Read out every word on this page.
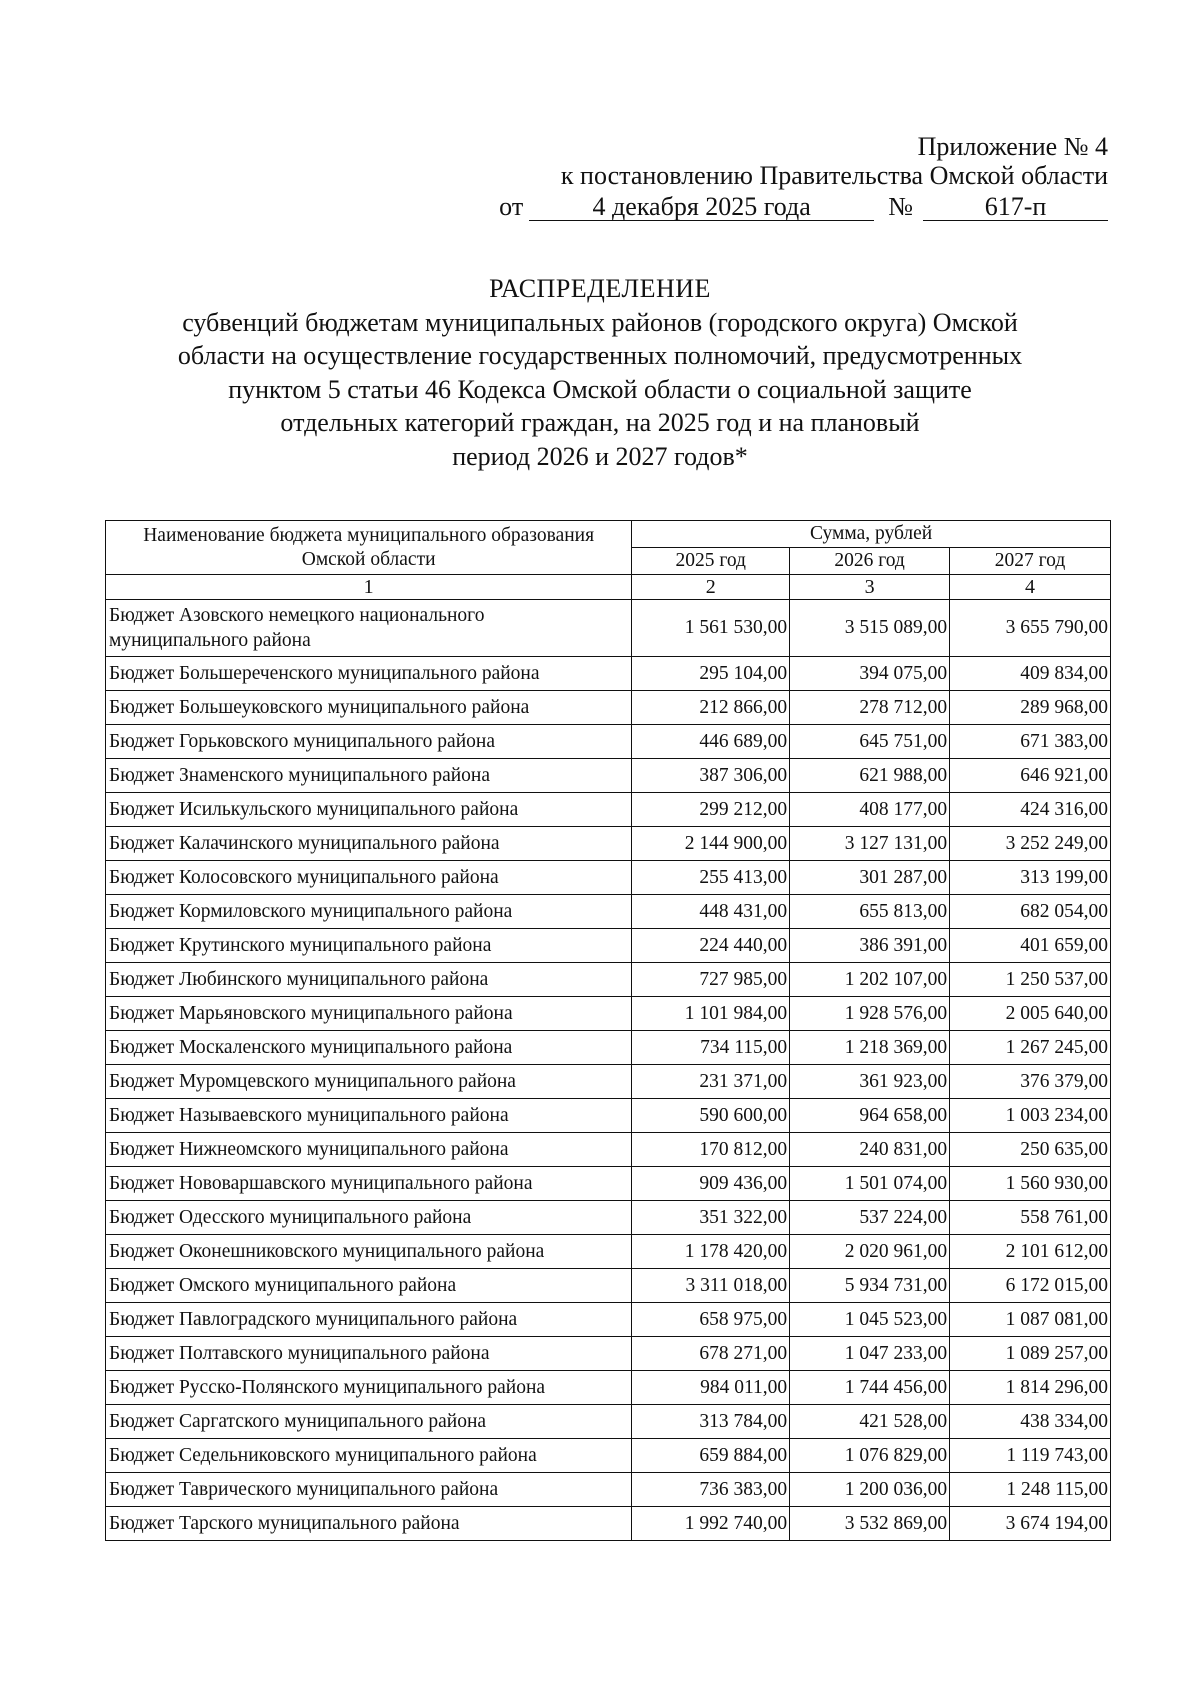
Приложение № 4
к постановлению Правительства Омской области
от	4 декабря 2025 года	№	617-п
РАСПРЕДЕЛЕНИЕ
субвенций бюджетам муниципальных районов (городского округа) Омской
области на осуществление государственных полномочий, предусмотренных
пунктом 5 статьи 46 Кодекса Омской области о социальной защите
отдельных категорий граждан, на 2025 год и на плановый
период 2026 и 2027 годов*
Наименование бюджета муниципального образования Омской области	Сумма, рублей		
	2025 год	2026 год	2027 год
1	2	3	4
Бюджет Азовского немецкого национального муниципального района	1 561 530,00	3 515 089,00	3 655 790,00
Бюджет Большереченского муниципального района	295 104,00	394 075,00	409 834,00
Бюджет Большеуковского муниципального района	212 866,00	278 712,00	289 968,00
Бюджет Горьковского муниципального района	446 689,00	645 751,00	671 383,00
Бюджет Знаменского муниципального района	387 306,00	621 988,00	646 921,00
Бюджет Исилькульского муниципального района	299 212,00	408 177,00	424 316,00
Бюджет Калачинского муниципального района	2 144 900,00	3 127 131,00	3 252 249,00
Бюджет Колосовского муниципального района	255 413,00	301 287,00	313 199,00
Бюджет Кормиловского муниципального района	448 431,00	655 813,00	682 054,00
Бюджет Крутинского муниципального района	224 440,00	386 391,00	401 659,00
Бюджет Любинского муниципального района	727 985,00	1 202 107,00	1 250 537,00
Бюджет Марьяновского муниципального района	1 101 984,00	1 928 576,00	2 005 640,00
Бюджет Москаленского муниципального района	734 115,00	1 218 369,00	1 267 245,00
Бюджет Муромцевского муниципального района	231 371,00	361 923,00	376 379,00
Бюджет Называевского муниципального района	590 600,00	964 658,00	1 003 234,00
Бюджет Нижнеомского муниципального района	170 812,00	240 831,00	250 635,00
Бюджет Нововаршавского муниципального района	909 436,00	1 501 074,00	1 560 930,00
Бюджет Одесского муниципального района	351 322,00	537 224,00	558 761,00
Бюджет Оконешниковского муниципального района	1 178 420,00	2 020 961,00	2 101 612,00
Бюджет Омского муниципального района	3 311 018,00	5 934 731,00	6 172 015,00
Бюджет Павлоградского муниципального района	658 975,00	1 045 523,00	1 087 081,00
Бюджет Полтавского муниципального района	678 271,00	1 047 233,00	1 089 257,00
Бюджет Русско-Полянского муниципального района	984 011,00	1 744 456,00	1 814 296,00
Бюджет Саргатского муниципального района	313 784,00	421 528,00	438 334,00
Бюджет Седельниковского муниципального района	659 884,00	1 076 829,00	1 119 743,00
Бюджет Таврического муниципального района	736 383,00	1 200 036,00	1 248 115,00
Бюджет Тарского муниципального района	1 992 740,00	3 532 869,00	3 674 194,00
